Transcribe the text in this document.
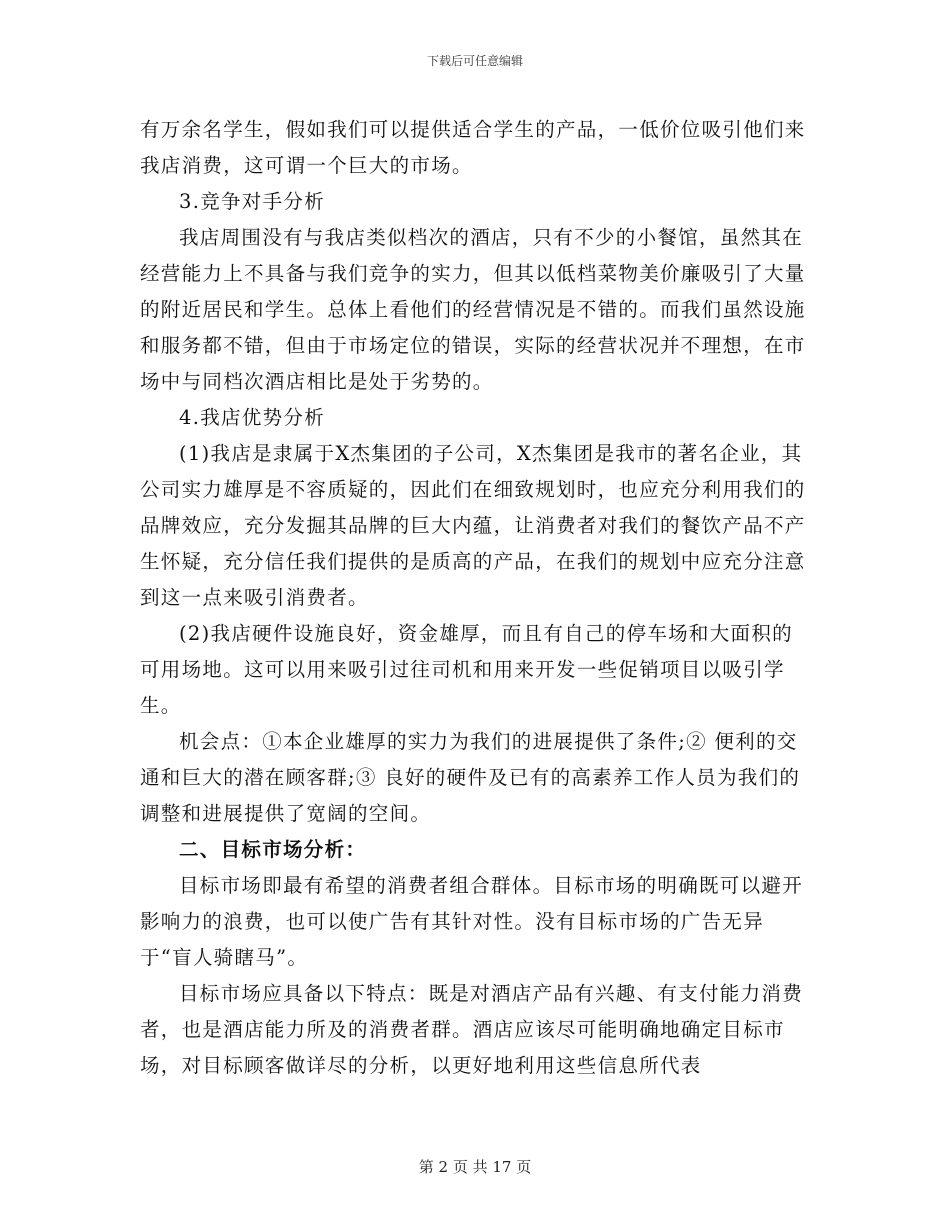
下载后可任意编辑

有万余名学生，假如我们可以提供适合学生的产品，一低价位吸引他们来我店消费，这可谓一个巨大的市场。

3.竞争对手分析

我店周围没有与我店类似档次的酒店，只有不少的小餐馆，虽然其在经营能力上不具备与我们竞争的实力，但其以低档菜物美价廉吸引了大量的附近居民和学生。总体上看他们的经营情况是不错的。而我们虽然设施和服务都不错，但由于市场定位的错误，实际的经营状况并不理想，在市场中与同档次酒店相比是处于劣势的。

4.我店优势分析

(1)我店是隶属于X杰集团的子公司，X杰集团是我市的著名企业，其公司实力雄厚是不容质疑的，因此们在细致规划时，也应充分利用我们的品牌效应，充分发掘其品牌的巨大内蕴，让消费者对我们的餐饮产品不产生怀疑，充分信任我们提供的是质高的产品，在我们的规划中应充分注意到这一点来吸引消费者。

(2)我店硬件设施良好，资金雄厚，而且有自己的停车场和大面积的可用场地。这可以用来吸引过往司机和用来开发一些促销项目以吸引学生。

机会点：①本企业雄厚的实力为我们的进展提供了条件;② 便利的交通和巨大的潜在顾客群;③ 良好的硬件及已有的高素养工作人员为我们的调整和进展提供了宽阔的空间。

二、目标市场分析：

目标市场即最有希望的消费者组合群体。目标市场的明确既可以避开影响力的浪费，也可以使广告有其针对性。没有目标市场的广告无异于“盲人骑瞎马”。

目标市场应具备以下特点：既是对酒店产品有兴趣、有支付能力消费者，也是酒店能力所及的消费者群。酒店应该尽可能明确地确定目标市场，对目标顾客做详尽的分析，以更好地利用这些信息所代表

第 2 页 共 17 页
